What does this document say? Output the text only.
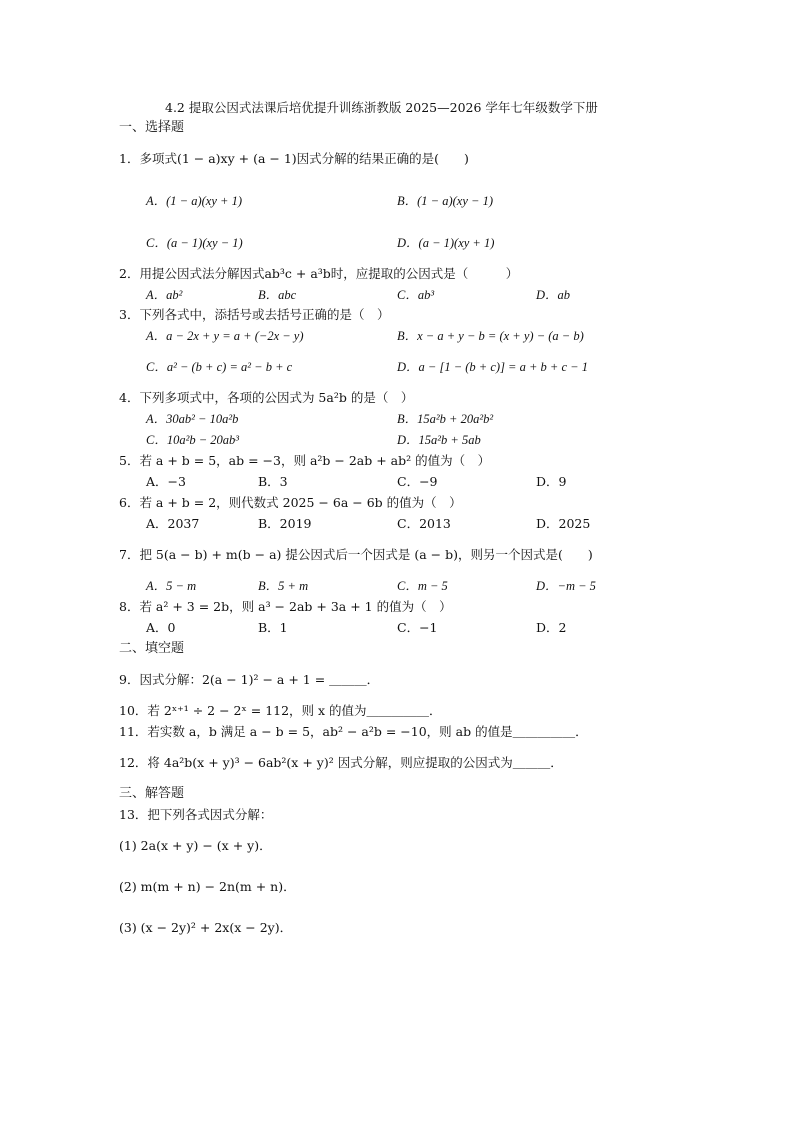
4.2 提取公因式法课后培优提升训练浙教版 2025—2026 学年七年级数学下册
一、选择题
1．多项式(1 − a)xy + (a − 1)因式分解的结果正确的是(　　)
A．(1 − a)(xy + 1)	B．(1 − a)(xy − 1)
C．(a − 1)(xy − 1)	D．(a − 1)(xy + 1)
2．用提公因式法分解因式ab³c + a³b时，应提取的公因式是（　　　）
A．ab²	B．abc	C．ab³	D．ab
3．下列各式中，添括号或去括号正确的是（　）
A．a − 2x + y = a + (−2x − y)	B．x − a + y − b = (x + y) − (a − b)
C．a² − (b + c) = a² − b + c	D．a − [1 − (b + c)] = a + b + c − 1
4．下列多项式中，各项的公因式为 5a²b 的是（　）
A．30ab² − 10a²b	B．15a²b + 20a²b²
C．10a²b − 20ab³	D．15a²b + 5ab
5．若 a + b = 5，ab = −3，则 a²b − 2ab + ab² 的值为（　）
A．−3	B．3	C．−9	D．9
6．若 a + b = 2，则代数式 2025 − 6a − 6b 的值为（　）
A．2037	B．2019	C．2013	D．2025
7．把 5(a − b) + m(b − a) 提公因式后一个因式是 (a − b)，则另一个因式是(　　)
A．5 − m	B．5 + m	C．m − 5	D．−m − 5
8．若 a² + 3 = 2b，则 a³ − 2ab + 3a + 1 的值为（　）
A．0	B．1	C．−1	D．2
二、填空题
9．因式分解：2(a − 1)² − a + 1 = ＿＿＿．
10．若 2ˣ⁺¹ ÷ 2 − 2ˣ = 112，则 x 的值为＿＿＿＿＿．
11．若实数 a，b 满足 a − b = 5，ab² − a²b = −10，则 ab 的值是＿＿＿＿＿．
12．将 4a²b(x + y)³ − 6ab²(x + y)² 因式分解，则应提取的公因式为＿＿＿．
三、解答题
13．把下列各式因式分解：
(1) 2a(x + y) − (x + y)．
(2) m(m + n) − 2n(m + n)．
(3) (x − 2y)² + 2x(x − 2y)．
